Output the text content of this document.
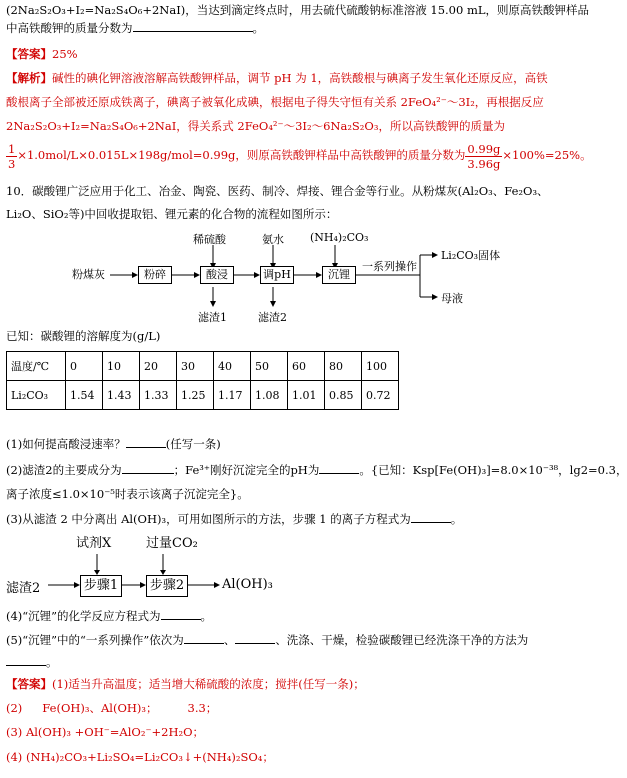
(2Na₂S₂O₃+I₂=Na₂S₄O₆+2NaI)，当达到滴定终点时，用去硫代硫酸钠标准溶液 15.00 mL，则原高铁酸钾样品
中高铁酸钾的质量分数为	。
【答案】25%
【解析】碱性的碘化钾溶液溶解高铁酸钾样品，调节 pH 为 1，高铁酸根与碘离子发生氧化还原反应，高铁
酸根离子全部被还原成铁离子，碘离子被氧化成碘，根据电子得失守恒有关系 2FeO₄²⁻～3I₂，再根据反应
2Na₂S₂O₃+I₂=Na₂S₄O₆+2NaI，得关系式 2FeO₄²⁻～3I₂～6Na₂S₂O₃，所以高铁酸钾的质量为
$\frac{1}{3} \times 1.0mol/L\times 0.015L\times 198g/mol=0.99g$，则原高铁酸钾样品中高铁酸钾的质量分数为 $\frac{0.99g}{3.96g} \times 100\%=25\%$。
10．碳酸锂广泛应用于化工、冶金、陶瓷、医药、制冷、焊接、锂合金等行业。从粉煤灰(Al₂O₃、Fe₂O₃、
Li₂O、SiO₂等)中回收提取铝、锂元素的化合物的流程如图所示：
粉煤灰	粉碎	酸浸	调pH	沉锂
一系列操作
稀硫酸	氨水 (NH₄)₂CO₃
滤渣1	滤渣2
Li₂CO₃固体
母液
已知：碳酸锂的溶解度为(g/L)
温度/℃	0	10	20	30	40	50	60	80	100
Li₂CO₃	1.54	1.43	1.33	1.25	1.17	1.08	1.01	0.85	0.72
(1)如何提高酸浸速率？	(任写一条)
(2)滤渣2的主要成分为	；Fe³⁺刚好沉淀完全的pH为	。{已知：Ksp[Fe(OH)₃]=8.0×10⁻³⁸，lg2=0.3，
离子浓度≤1.0×10⁻⁵时表示该离子沉淀完全}。
(3)从滤渣 2 中分离出 Al(OH)₃，可用如图所示的方法，步骤 1 的离子方程式为	。
试剂X	过量CO₂
滤渣2	步骤1 步骤2	Al(OH)₃
(4)“沉锂”的化学反应方程式为	。
(5)“沉锂”中的“一系列操作”依次为	、	、洗涤、干燥，检验碳酸锂已经洗涤干净的方法为
。
【答案】(1)适当升高温度；适当增大稀硫酸的浓度；搅拌(任写一条)；
(2) Fe(OH)₃、Al(OH)₃；	3.3；
(3) Al(OH)₃ +OH⁻=AlO₂⁻+2H₂O；
(4) (NH₄)₂CO₃+Li₂SO₄=Li₂CO₃↓+(NH₄)₂SO₄；
